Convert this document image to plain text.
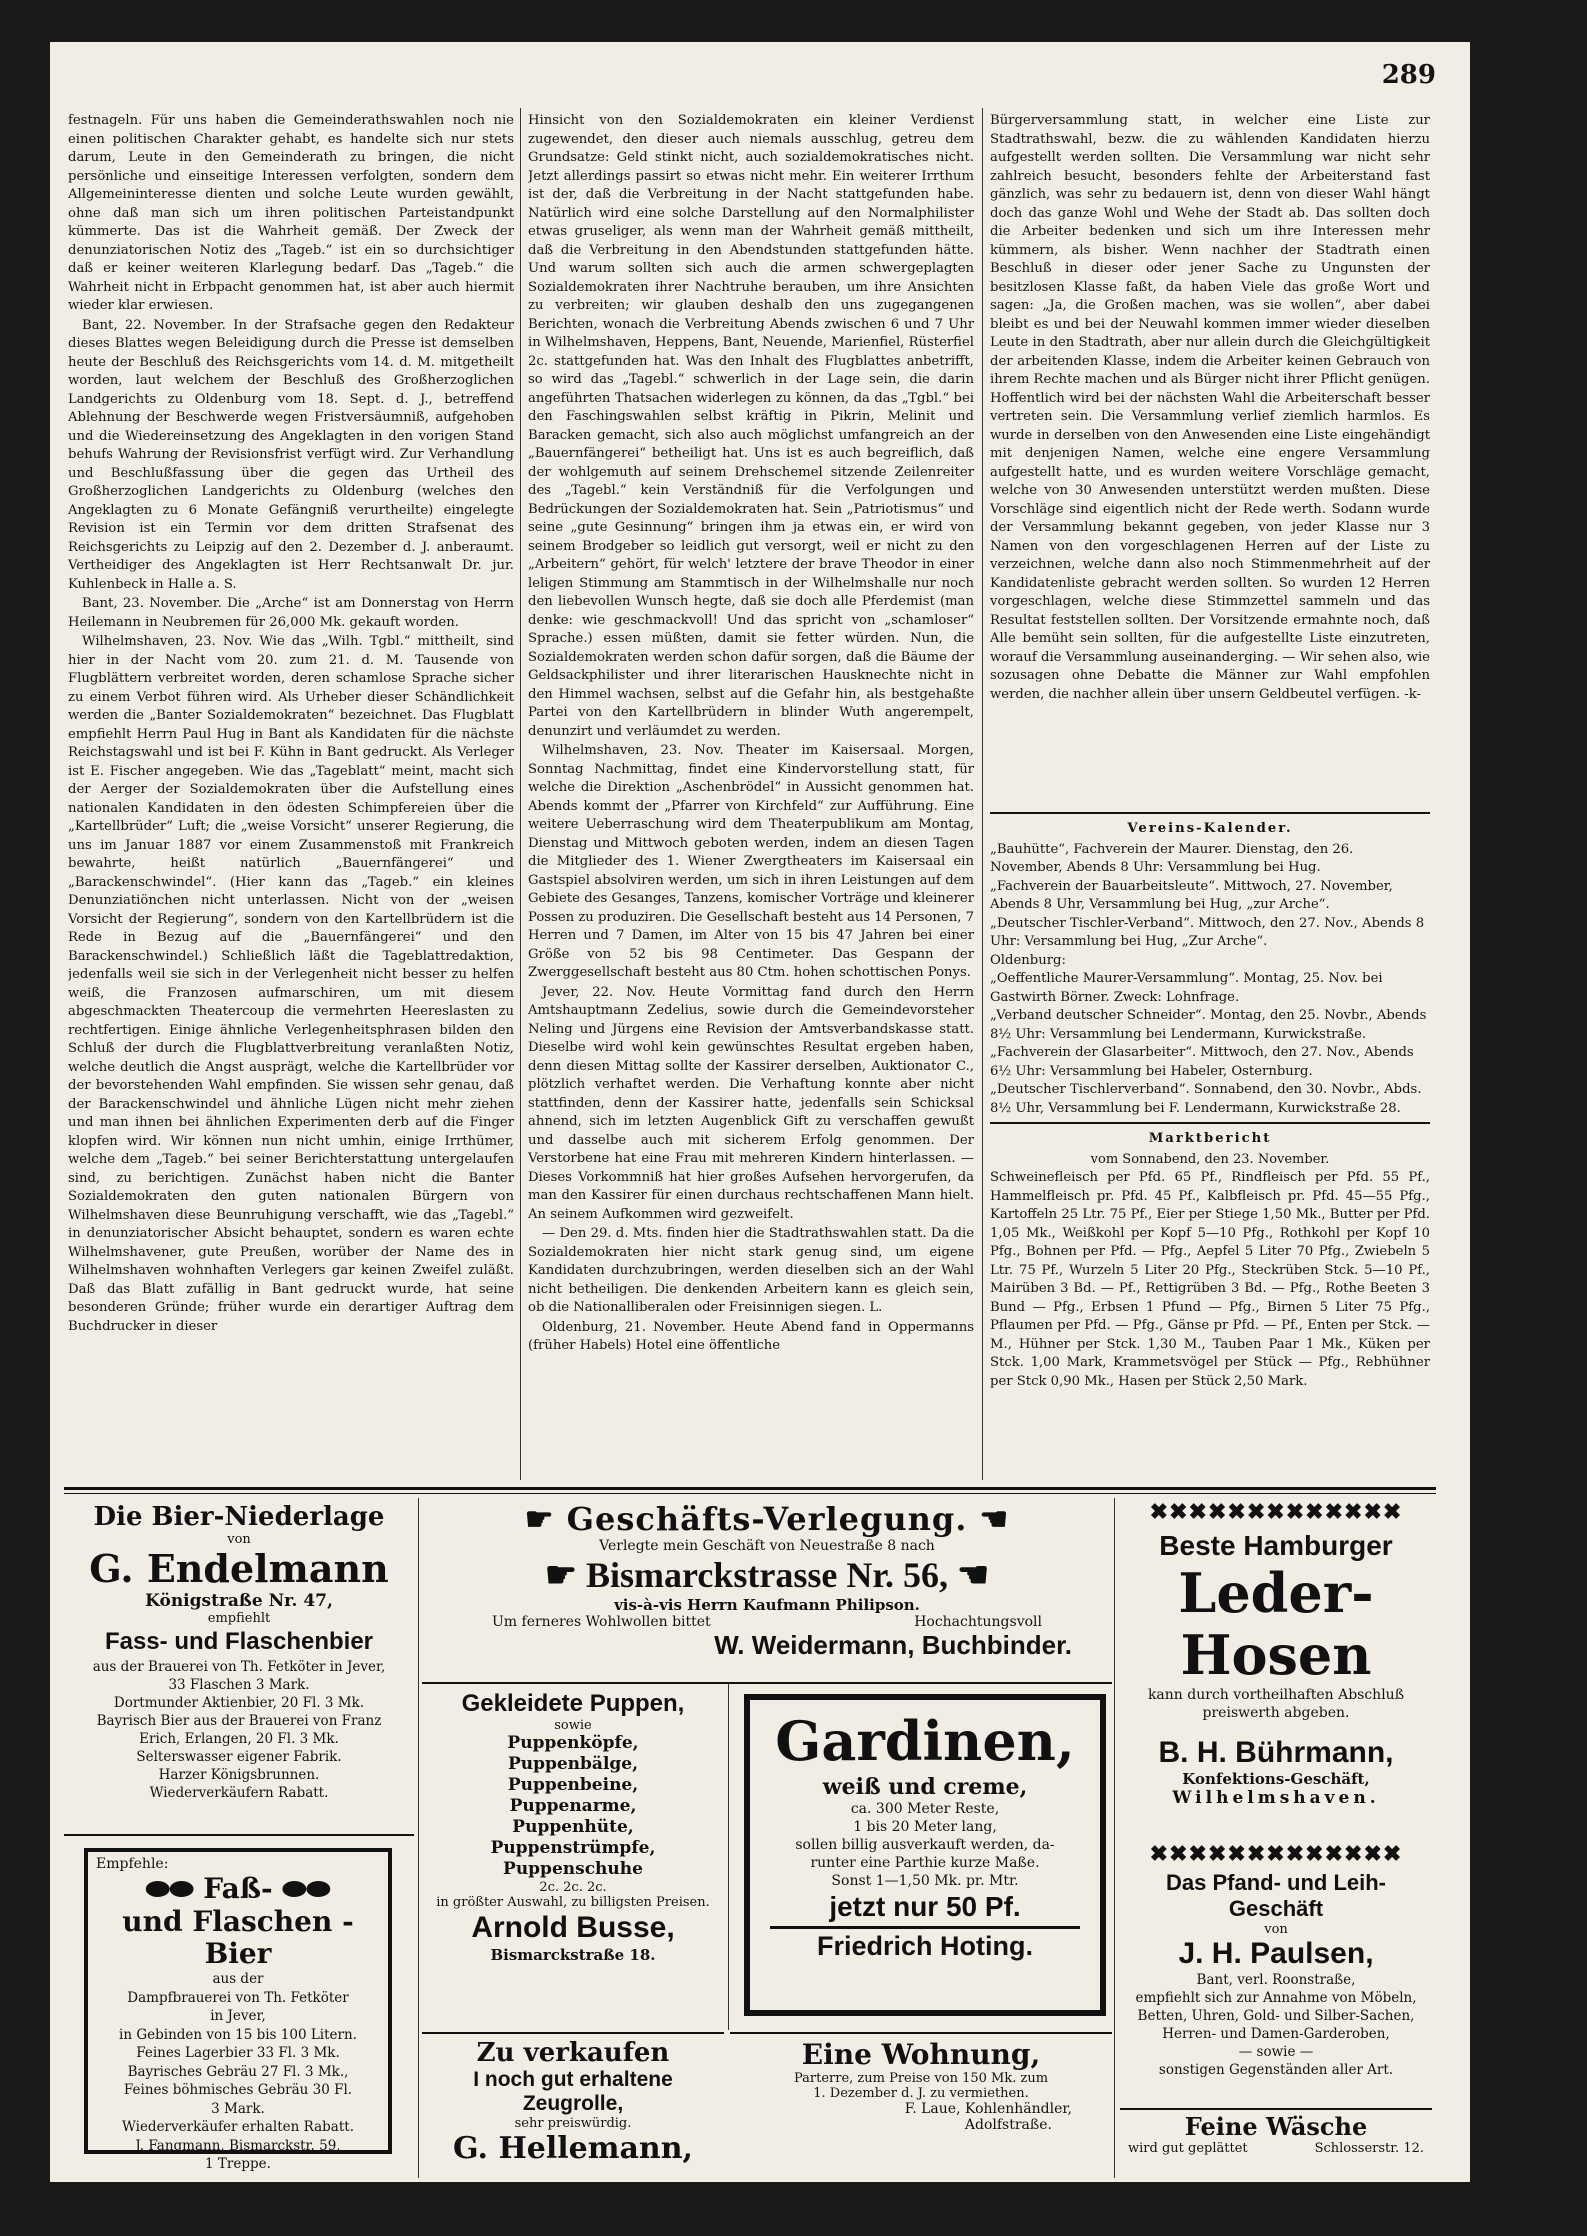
289

festnageln. Für uns haben die Gemeinderathswahlen noch nie einen politischen Charakter gehabt, es handelte sich nur stets darum, Leute in den Gemeinderath zu bringen, die nicht persönliche und einseitige Interessen verfolgten, sondern dem Allgemeininteresse dienten und solche Leute wurden gewählt, ohne daß man sich um ihren politischen Parteistandpunkt kümmerte. Das ist die Wahrheit gemäß. Der Zweck der denunziatorischen Notiz des „Tageb.“ ist ein so durchsichtiger daß er keiner weiteren Klarlegung bedarf. Das „Tageb.“ die Wahrheit nicht in Erbpacht genommen hat, ist aber auch hiermit wieder klar erwiesen.

Bant, 22. November. In der Strafsache gegen den Redakteur dieses Blattes wegen Beleidigung durch die Presse ist demselben heute der Beschluß des Reichsgerichts vom 14. d. M. mitgetheilt worden, laut welchem der Beschluß des Großherzoglichen Landgerichts zu Oldenburg vom 18. Sept. d. J., betreffend Ablehnung der Beschwerde wegen Fristversäumniß, aufgehoben und die Wiedereinsetzung des Angeklagten in den vorigen Stand behufs Wahrung der Revisionsfrist verfügt wird. Zur Verhandlung und Beschlußfassung über die gegen das Urtheil des Großherzoglichen Landgerichts zu Oldenburg (welches den Angeklagten zu 6 Monate Gefängniß verurtheilte) eingelegte Revision ist ein Termin vor dem dritten Strafsenat des Reichsgerichts zu Leipzig auf den 2. Dezember d. J. anberaumt. Vertheidiger des Angeklagten ist Herr Rechtsanwalt Dr. jur. Kuhlenbeck in Halle a. S.

Bant, 23. November. Die „Arche“ ist am Donnerstag von Herrn Heilemann in Neubremen für 26,000 Mk. gekauft worden.

Wilhelmshaven, 23. Nov. Wie das „Wilh. Tgbl.“ mittheilt, sind hier in der Nacht vom 20. zum 21. d. M. Tausende von Flugblättern verbreitet worden, deren schamlose Sprache sicher zu einem Verbot führen wird. Als Urheber dieser Schändlichkeit werden die „Banter Sozialdemokraten“ bezeichnet. Das Flugblatt empfiehlt Herrn Paul Hug in Bant als Kandidaten für die nächste Reichstagswahl und ist bei F. Kühn in Bant gedruckt. Als Verleger ist E. Fischer angegeben. Wie das „Tageblatt“ meint, macht sich der Aerger der Sozialdemokraten über die Aufstellung eines nationalen Kandidaten in den ödesten Schimpfereien über die „Kartellbrüder“ Luft; die „weise Vorsicht“ unserer Regierung, die uns im Januar 1887 vor einem Zusammenstoß mit Frankreich bewahrte, heißt natürlich „Bauernfängerei“ und „Barackenschwindel“. (Hier kann das „Tageb.“ ein kleines Denunziatiönchen nicht unterlassen. Nicht von der „weisen Vorsicht der Regierung“, sondern von den Kartellbrüdern ist die Rede in Bezug auf die „Bauernfängerei“ und den Barackenschwindel.) Schließlich läßt die Tageblattredaktion, jedenfalls weil sie sich in der Verlegenheit nicht besser zu helfen weiß, die Franzosen aufmarschiren, um mit diesem abgeschmackten Theatercoup die vermehrten Heereslasten zu rechtfertigen. Einige ähnliche Verlegenheitsphrasen bilden den Schluß der durch die Flugblattverbreitung veranlaßten Notiz, welche deutlich die Angst ausprägt, welche die Kartellbrüder vor der bevorstehenden Wahl empfinden. Sie wissen sehr genau, daß der Barackenschwindel und ähnliche Lügen nicht mehr ziehen und man ihnen bei ähnlichen Experimenten derb auf die Finger klopfen wird. Wir können nun nicht umhin, einige Irrthümer, welche dem „Tageb.“ bei seiner Berichterstattung untergelaufen sind, zu berichtigen. Zunächst haben nicht die Banter Sozialdemokraten den guten nationalen Bürgern von Wilhelmshaven diese Beunruhigung verschafft, wie das „Tagebl.“ in denunziatorischer Absicht behauptet, sondern es waren echte Wilhelmshavener, gute Preußen, worüber der Name des in Wilhelmshaven wohnhaften Verlegers gar keinen Zweifel zuläßt. Daß das Blatt zufällig in Bant gedruckt wurde, hat seine besonderen Gründe; früher wurde ein derartiger Auftrag dem Buchdrucker in dieser

Hinsicht von den Sozialdemokraten ein kleiner Verdienst zugewendet, den dieser auch niemals ausschlug, getreu dem Grundsatze: Geld stinkt nicht, auch sozialdemokratisches nicht. Jetzt allerdings passirt so etwas nicht mehr. Ein weiterer Irrthum ist der, daß die Verbreitung in der Nacht stattgefunden habe. Natürlich wird eine solche Darstellung auf den Normalphilister etwas gruseliger, als wenn man der Wahrheit gemäß mittheilt, daß die Verbreitung in den Abendstunden stattgefunden hätte. Und warum sollten sich auch die armen schwergeplagten Sozialdemokraten ihrer Nachtruhe berauben, um ihre Ansichten zu verbreiten; wir glauben deshalb den uns zugegangenen Berichten, wonach die Verbreitung Abends zwischen 6 und 7 Uhr in Wilhelmshaven, Heppens, Bant, Neuende, Marienfiel, Rüsterfiel 2c. stattgefunden hat. Was den Inhalt des Flugblattes anbetrifft, so wird das „Tagebl.“ schwerlich in der Lage sein, die darin angeführten Thatsachen widerlegen zu können, da das „Tgbl.“ bei den Faschingswahlen selbst kräftig in Pikrin, Melinit und Baracken gemacht, sich also auch möglichst umfangreich an der „Bauernfängerei“ betheiligt hat. Uns ist es auch begreiflich, daß der wohlgemuth auf seinem Drehschemel sitzende Zeilenreiter des „Tagebl.“ kein Verständniß für die Verfolgungen und Bedrückungen der Sozialdemokraten hat. Sein „Patriotismus“ und seine „gute Gesinnung“ bringen ihm ja etwas ein, er wird von seinem Brodgeber so leidlich gut versorgt, weil er nicht zu den „Arbeitern“ gehört, für welch' letztere der brave Theodor in einer leligen Stimmung am Stammtisch in der Wilhelmshalle nur noch den liebevollen Wunsch hegte, daß sie doch alle Pferdemist (man denke: wie geschmackvoll! Und das spricht von „schamloser“ Sprache.) essen müßten, damit sie fetter würden. Nun, die Sozialdemokraten werden schon dafür sorgen, daß die Bäume der Geldsackphilister und ihrer literarischen Hausknechte nicht in den Himmel wachsen, selbst auf die Gefahr hin, als bestgehaßte Partei von den Kartellbrüdern in blinder Wuth angerempelt, denunzirt und verläumdet zu werden.

Wilhelmshaven, 23. Nov. Theater im Kaisersaal. Morgen, Sonntag Nachmittag, findet eine Kindervorstellung statt, für welche die Direktion „Aschenbrödel“ in Aussicht genommen hat. Abends kommt der „Pfarrer von Kirchfeld“ zur Aufführung. Eine weitere Ueberraschung wird dem Theaterpublikum am Montag, Dienstag und Mittwoch geboten werden, indem an diesen Tagen die Mitglieder des 1. Wiener Zwergtheaters im Kaisersaal ein Gastspiel absolviren werden, um sich in ihren Leistungen auf dem Gebiete des Gesanges, Tanzens, komischer Vorträge und kleinerer Possen zu produziren. Die Gesellschaft besteht aus 14 Personen, 7 Herren und 7 Damen, im Alter von 15 bis 47 Jahren bei einer Größe von 52 bis 98 Centimeter. Das Gespann der Zwerggesellschaft besteht aus 80 Ctm. hohen schottischen Ponys.

Jever, 22. Nov. Heute Vormittag fand durch den Herrn Amtshauptmann Zedelius, sowie durch die Gemeindevorsteher Neling und Jürgens eine Revision der Amtsverbandskasse statt. Dieselbe wird wohl kein gewünschtes Resultat ergeben haben, denn diesen Mittag sollte der Kassirer derselben, Auktionator C., plötzlich verhaftet werden. Die Verhaftung konnte aber nicht stattfinden, denn der Kassirer hatte, jedenfalls sein Schicksal ahnend, sich im letzten Augenblick Gift zu verschaffen gewußt und dasselbe auch mit sicherem Erfolg genommen. Der Verstorbene hat eine Frau mit mehreren Kindern hinterlassen. — Dieses Vorkommniß hat hier großes Aufsehen hervorgerufen, da man den Kassirer für einen durchaus rechtschaffenen Mann hielt. An seinem Aufkommen wird gezweifelt.

— Den 29. d. Mts. finden hier die Stadtrathswahlen statt. Da die Sozialdemokraten hier nicht stark genug sind, um eigene Kandidaten durchzubringen, werden dieselben sich an der Wahl nicht betheiligen. Die denkenden Arbeitern kann es gleich sein, ob die Nationalliberalen oder Freisinnigen siegen. L.

Oldenburg, 21. November. Heute Abend fand in Oppermanns (früher Habels) Hotel eine öffentliche

Bürgerversammlung statt, in welcher eine Liste zur Stadtrathswahl, bezw. die zu wählenden Kandidaten hierzu aufgestellt werden sollten. Die Versammlung war nicht sehr zahlreich besucht, besonders fehlte der Arbeiterstand fast gänzlich, was sehr zu bedauern ist, denn von dieser Wahl hängt doch das ganze Wohl und Wehe der Stadt ab. Das sollten doch die Arbeiter bedenken und sich um ihre Interessen mehr kümmern, als bisher. Wenn nachher der Stadtrath einen Beschluß in dieser oder jener Sache zu Ungunsten der besitzlosen Klasse faßt, da haben Viele das große Wort und sagen: „Ja, die Großen machen, was sie wollen“, aber dabei bleibt es und bei der Neuwahl kommen immer wieder dieselben Leute in den Stadtrath, aber nur allein durch die Gleichgültigkeit der arbeitenden Klasse, indem die Arbeiter keinen Gebrauch von ihrem Rechte machen und als Bürger nicht ihrer Pflicht genügen. Hoffentlich wird bei der nächsten Wahl die Arbeiterschaft besser vertreten sein. Die Versammlung verlief ziemlich harmlos. Es wurde in derselben von den Anwesenden eine Liste eingehändigt mit denjenigen Namen, welche eine engere Versammlung aufgestellt hatte, und es wurden weitere Vorschläge gemacht, welche von 30 Anwesenden unterstützt werden mußten. Diese Vorschläge sind eigentlich nicht der Rede werth. Sodann wurde der Versammlung bekannt gegeben, von jeder Klasse nur 3 Namen von den vorgeschlagenen Herren auf der Liste zu verzeichnen, welche dann also noch Stimmenmehrheit auf der Kandidatenliste gebracht werden sollten. So wurden 12 Herren vorgeschlagen, welche diese Stimmzettel sammeln und das Resultat feststellen sollten. Der Vorsitzende ermahnte noch, daß Alle bemüht sein sollten, für die aufgestellte Liste einzutreten, worauf die Versammlung auseinanderging. — Wir sehen also, wie sozusagen ohne Debatte die Männer zur Wahl empfohlen werden, die nachher allein über unsern Geldbeutel verfügen. -k-

Vereins-Kalender.
„Bauhütte“, Fachverein der Maurer. Dienstag, den 26. November, Abends 8 Uhr: Versammlung bei Hug.
„Fachverein der Bauarbeitsleute“. Mittwoch, 27. November, Abends 8 Uhr, Versammlung bei Hug, „zur Arche“.
„Deutscher Tischler-Verband“. Mittwoch, den 27. Nov., Abends 8 Uhr: Versammlung bei Hug, „Zur Arche“.
Oldenburg:
„Oeffentliche Maurer-Versammlung“. Montag, 25. Nov. bei Gastwirth Börner. Zweck: Lohnfrage.
„Verband deutscher Schneider“. Montag, den 25. Novbr., Abends 8½ Uhr: Versammlung bei Lendermann, Kurwickstraße.
„Fachverein der Glasarbeiter“. Mittwoch, den 27. Nov., Abends 6½ Uhr: Versammlung bei Habeler, Osternburg.
„Deutscher Tischlerverband“. Sonnabend, den 30. Novbr., Abds. 8½ Uhr, Versammlung bei F. Lendermann, Kurwickstraße 28.
Marktbericht
vom Sonnabend, den 23. November.

Schweinefleisch per Pfd. 65 Pf., Rindfleisch per Pfd. 55 Pf., Hammelfleisch pr. Pfd. 45 Pf., Kalbfleisch pr. Pfd. 45—55 Pfg., Kartoffeln 25 Ltr. 75 Pf., Eier per Stiege 1,50 Mk., Butter per Pfd. 1,05 Mk., Weißkohl per Kopf 5—10 Pfg., Rothkohl per Kopf 10 Pfg., Bohnen per Pfd. — Pfg., Aepfel 5 Liter 70 Pfg., Zwiebeln 5 Ltr. 75 Pf., Wurzeln 5 Liter 20 Pfg., Steckrüben Stck. 5—10 Pf., Mairüben 3 Bd. — Pf., Rettigrüben 3 Bd. — Pfg., Rothe Beeten 3 Bund — Pfg., Erbsen 1 Pfund — Pfg., Birnen 5 Liter 75 Pfg., Pflaumen per Pfd. — Pfg., Gänse pr Pfd. — Pf., Enten per Stck. — M., Hühner per Stck. 1,30 M., Tauben Paar 1 Mk., Küken per Stck. 1,00 Mark, Krammetsvögel per Stück — Pfg., Rebhühner per Stck 0,90 Mk., Hasen per Stück 2,50 Mark.

Die Bier-Niederlage
von
G. Endelmann
Königstraße Nr. 47,
empfiehlt
Fass- und Flaschenbier
aus der Brauerei von Th. Fetköter in Jever,
33 Flaschen 3 Mark.
Dortmunder Aktienbier, 20 Fl. 3 Mk.
Bayrisch Bier aus der Brauerei von Franz
Erich, Erlangen, 20 Fl. 3 Mk.
Selterswasser eigener Fabrik.
Harzer Königsbrunnen.
Wiederverkäufern Rabatt.
Empfehle:
⬬⬬ Faß- ⬬⬬
und Flaschen - Bier
aus der
Dampfbrauerei von Th. Fetköter
in Jever,
in Gebinden von 15 bis 100 Litern.
Feines Lagerbier 33 Fl. 3 Mk.
Bayrisches Gebräu 27 Fl. 3 Mk.,
Feines böhmisches Gebräu 30 Fl.
3 Mark.
Wiederverkäufer erhalten Rabatt.
J. Fangmann, Bismarckstr. 59,
1 Treppe.
☛ Geschäfts-Verlegung. ☚
Verlegte mein Geschäft von Neuestraße 8 nach
☛ Bismarckstrasse Nr. 56, ☚
vis-à-vis Herrn Kaufmann Philipson.
Um ferneres Wohlwollen bittet	Hochachtungsvoll
W. Weidermann, Buchbinder.
Gekleidete Puppen,
sowie
Puppenköpfe,
Puppenbälge,
Puppenbeine,
Puppenarme,
Puppenhüte,
Puppenstrümpfe,
Puppenschuhe
2c. 2c. 2c.
in größter Auswahl, zu billigsten Preisen.
Arnold Busse,
Bismarckstraße 18.
Zu verkaufen
I noch gut erhaltene Zeugrolle,
sehr preiswürdig.
G. Hellemann,
Gardinen,
weiß und creme,
ca. 300 Meter Reste,
1 bis 20 Meter lang,
sollen billig ausverkauft werden, da-
runter eine Parthie kurze Maße.
Sonst 1—1,50 Mk. pr. Mtr.
jetzt nur 50 Pf.
Friedrich Hoting.
Eine Wohnung,
Parterre, zum Preise von 150 Mk. zum
1. Dezember d. J. zu vermiethen.
F. Laue, Kohlenhändler,
Adolfstraße.
✖✖✖✖✖✖✖✖✖✖✖✖✖
Beste Hamburger
Leder-Hosen
kann durch vortheilhaften Abschluß
preiswerth abgeben.
B. H. Bührmann,
Konfektions-Geschäft,
Wilhelmshaven.
✖✖✖✖✖✖✖✖✖✖✖✖✖
Das Pfand- und Leih-Geschäft
von
J. H. Paulsen,
Bant, verl. Roonstraße,
empfiehlt sich zur Annahme von Möbeln,
Betten, Uhren, Gold- und Silber-Sachen,
Herren- und Damen-Garderoben,
— sowie —
sonstigen Gegenständen aller Art.
Feine Wäsche
wird gut geplättet	Schlosserstr. 12.
